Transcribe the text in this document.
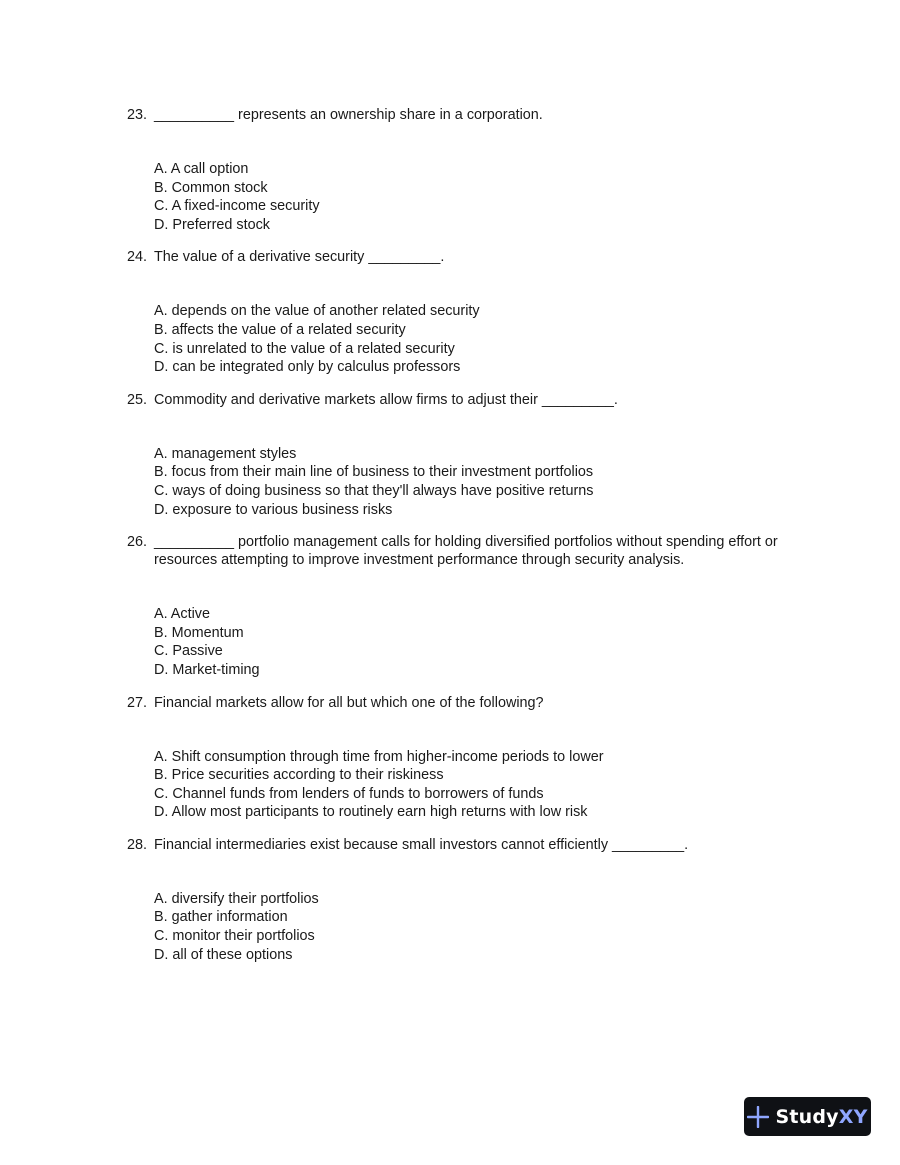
23. __________ represents an ownership share in a corporation.
A. A call option
B. Common stock
C. A fixed-income security
D. Preferred stock
24. The value of a derivative security _________.
A. depends on the value of another related security
B. affects the value of a related security
C. is unrelated to the value of a related security
D. can be integrated only by calculus professors
25. Commodity and derivative markets allow firms to adjust their _________.
A. management styles
B. focus from their main line of business to their investment portfolios
C. ways of doing business so that they'll always have positive returns
D. exposure to various business risks
26. __________ portfolio management calls for holding diversified portfolios without spending effort or resources attempting to improve investment performance through security analysis.
A. Active
B. Momentum
C. Passive
D. Market-timing
27. Financial markets allow for all but which one of the following?
A. Shift consumption through time from higher-income periods to lower
B. Price securities according to their riskiness
C. Channel funds from lenders of funds to borrowers of funds
D. Allow most participants to routinely earn high returns with low risk
28. Financial intermediaries exist because small investors cannot efficiently _________.
A. diversify their portfolios
B. gather information
C. monitor their portfolios
D. all of these options
StudyXY
